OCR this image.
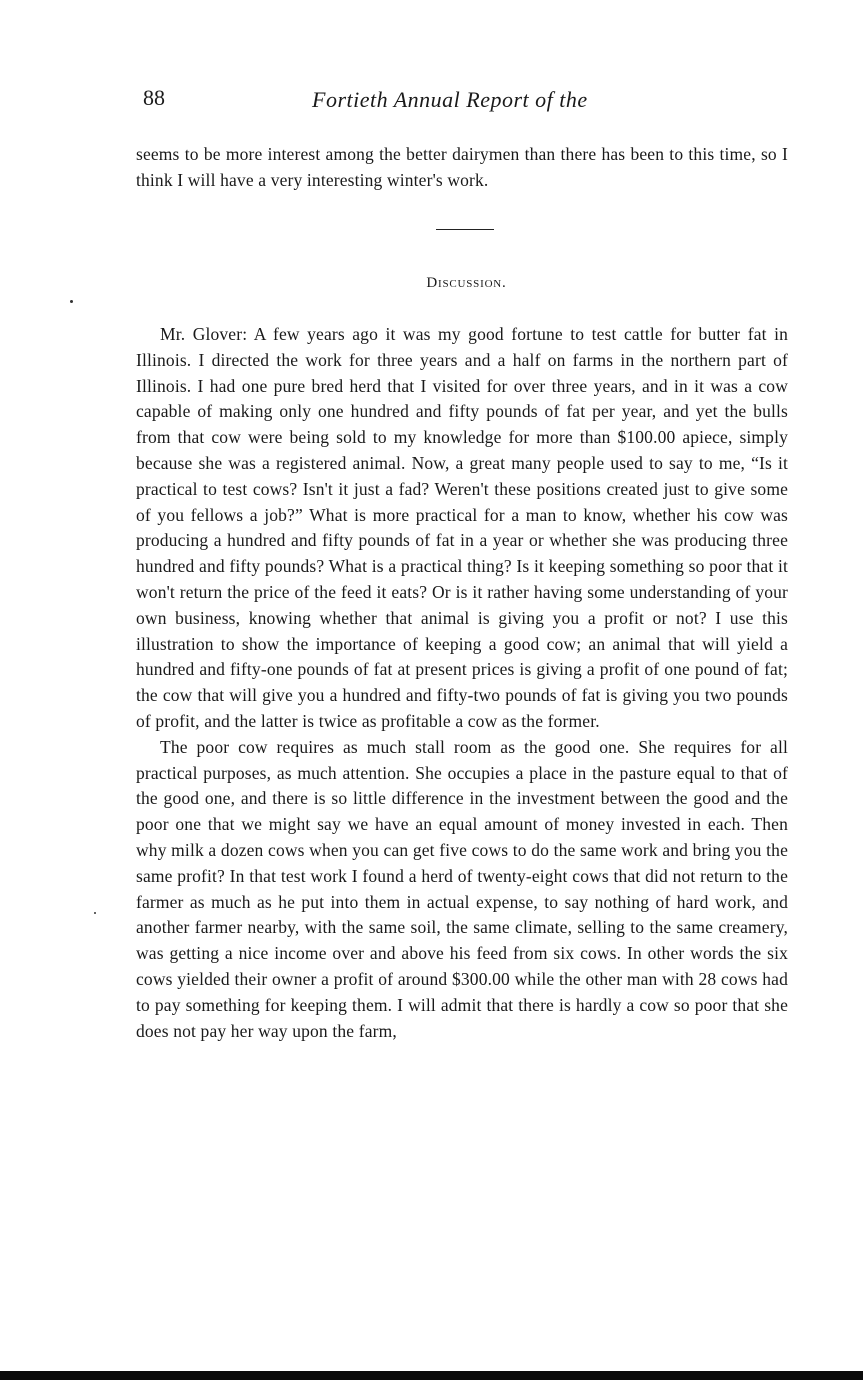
88	Fortieth Annual Report of the

seems to be more interest among the better dairymen than there has been to this time, so I think I will have a very interesting winter's work.

Discussion.

Mr. Glover: A few years ago it was my good fortune to test cattle for butter fat in Illinois. I directed the work for three years and a half on farms in the northern part of Illinois. I had one pure bred herd that I visited for over three years, and in it was a cow capable of making only one hundred and fifty pounds of fat per year, and yet the bulls from that cow were being sold to my knowledge for more than $100.00 apiece, simply because she was a registered animal. Now, a great many people used to say to me, “Is it practical to test cows? Isn't it just a fad? Weren't these positions created just to give some of you fellows a job?” What is more practical for a man to know, whether his cow was producing a hundred and fifty pounds of fat in a year or whether she was producing three hundred and fifty pounds? What is a practical thing? Is it keeping something so poor that it won't return the price of the feed it eats? Or is it rather having some understanding of your own business, knowing whether that animal is giving you a profit or not? I use this illustration to show the importance of keeping a good cow; an animal that will yield a hundred and fifty-one pounds of fat at present prices is giving a profit of one pound of fat; the cow that will give you a hundred and fifty-two pounds of fat is giving you two pounds of profit, and the latter is twice as profitable a cow as the former.

The poor cow requires as much stall room as the good one. She requires for all practical purposes, as much attention. She occupies a place in the pasture equal to that of the good one, and there is so little difference in the investment between the good and the poor one that we might say we have an equal amount of money invested in each. Then why milk a dozen cows when you can get five cows to do the same work and bring you the same profit? In that test work I found a herd of twenty-eight cows that did not return to the farmer as much as he put into them in actual expense, to say nothing of hard work, and another farmer nearby, with the same soil, the same climate, selling to the same creamery, was getting a nice income over and above his feed from six cows. In other words the six cows yielded their owner a profit of around $300.00 while the other man with 28 cows had to pay something for keeping them. I will admit that there is hardly a cow so poor that she does not pay her way upon the farm,
